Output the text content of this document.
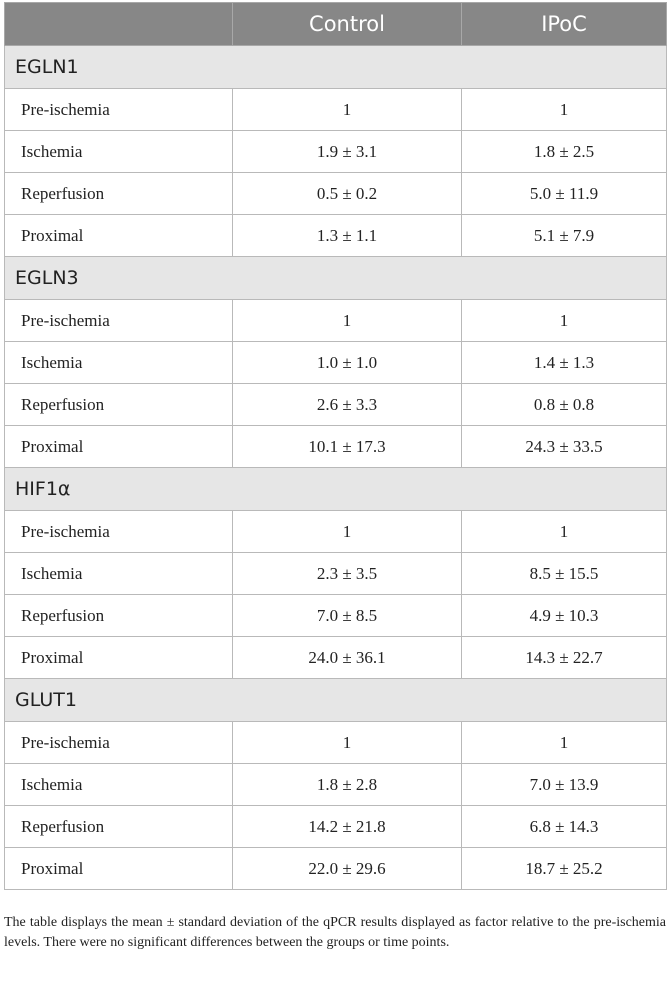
	Control	IPoC
EGLN1		
Pre-ischemia	1	1
Ischemia	1.9 ± 3.1	1.8 ± 2.5
Reperfusion	0.5 ± 0.2	5.0 ± 11.9
Proximal	1.3 ± 1.1	5.1 ± 7.9
EGLN3		
Pre-ischemia	1	1
Ischemia	1.0 ± 1.0	1.4 ± 1.3
Reperfusion	2.6 ± 3.3	0.8 ± 0.8
Proximal	10.1 ± 17.3	24.3 ± 33.5
HIF1α		
Pre-ischemia	1	1
Ischemia	2.3 ± 3.5	8.5 ± 15.5
Reperfusion	7.0 ± 8.5	4.9 ± 10.3
Proximal	24.0 ± 36.1	14.3 ± 22.7
GLUT1		
Pre-ischemia	1	1
Ischemia	1.8 ± 2.8	7.0 ± 13.9
Reperfusion	14.2 ± 21.8	6.8 ± 14.3
Proximal	22.0 ± 29.6	18.7 ± 25.2
The table displays the mean ± standard deviation of the qPCR results displayed as factor relative to the pre-ischemia levels. There were no significant differences between the groups or time points.
